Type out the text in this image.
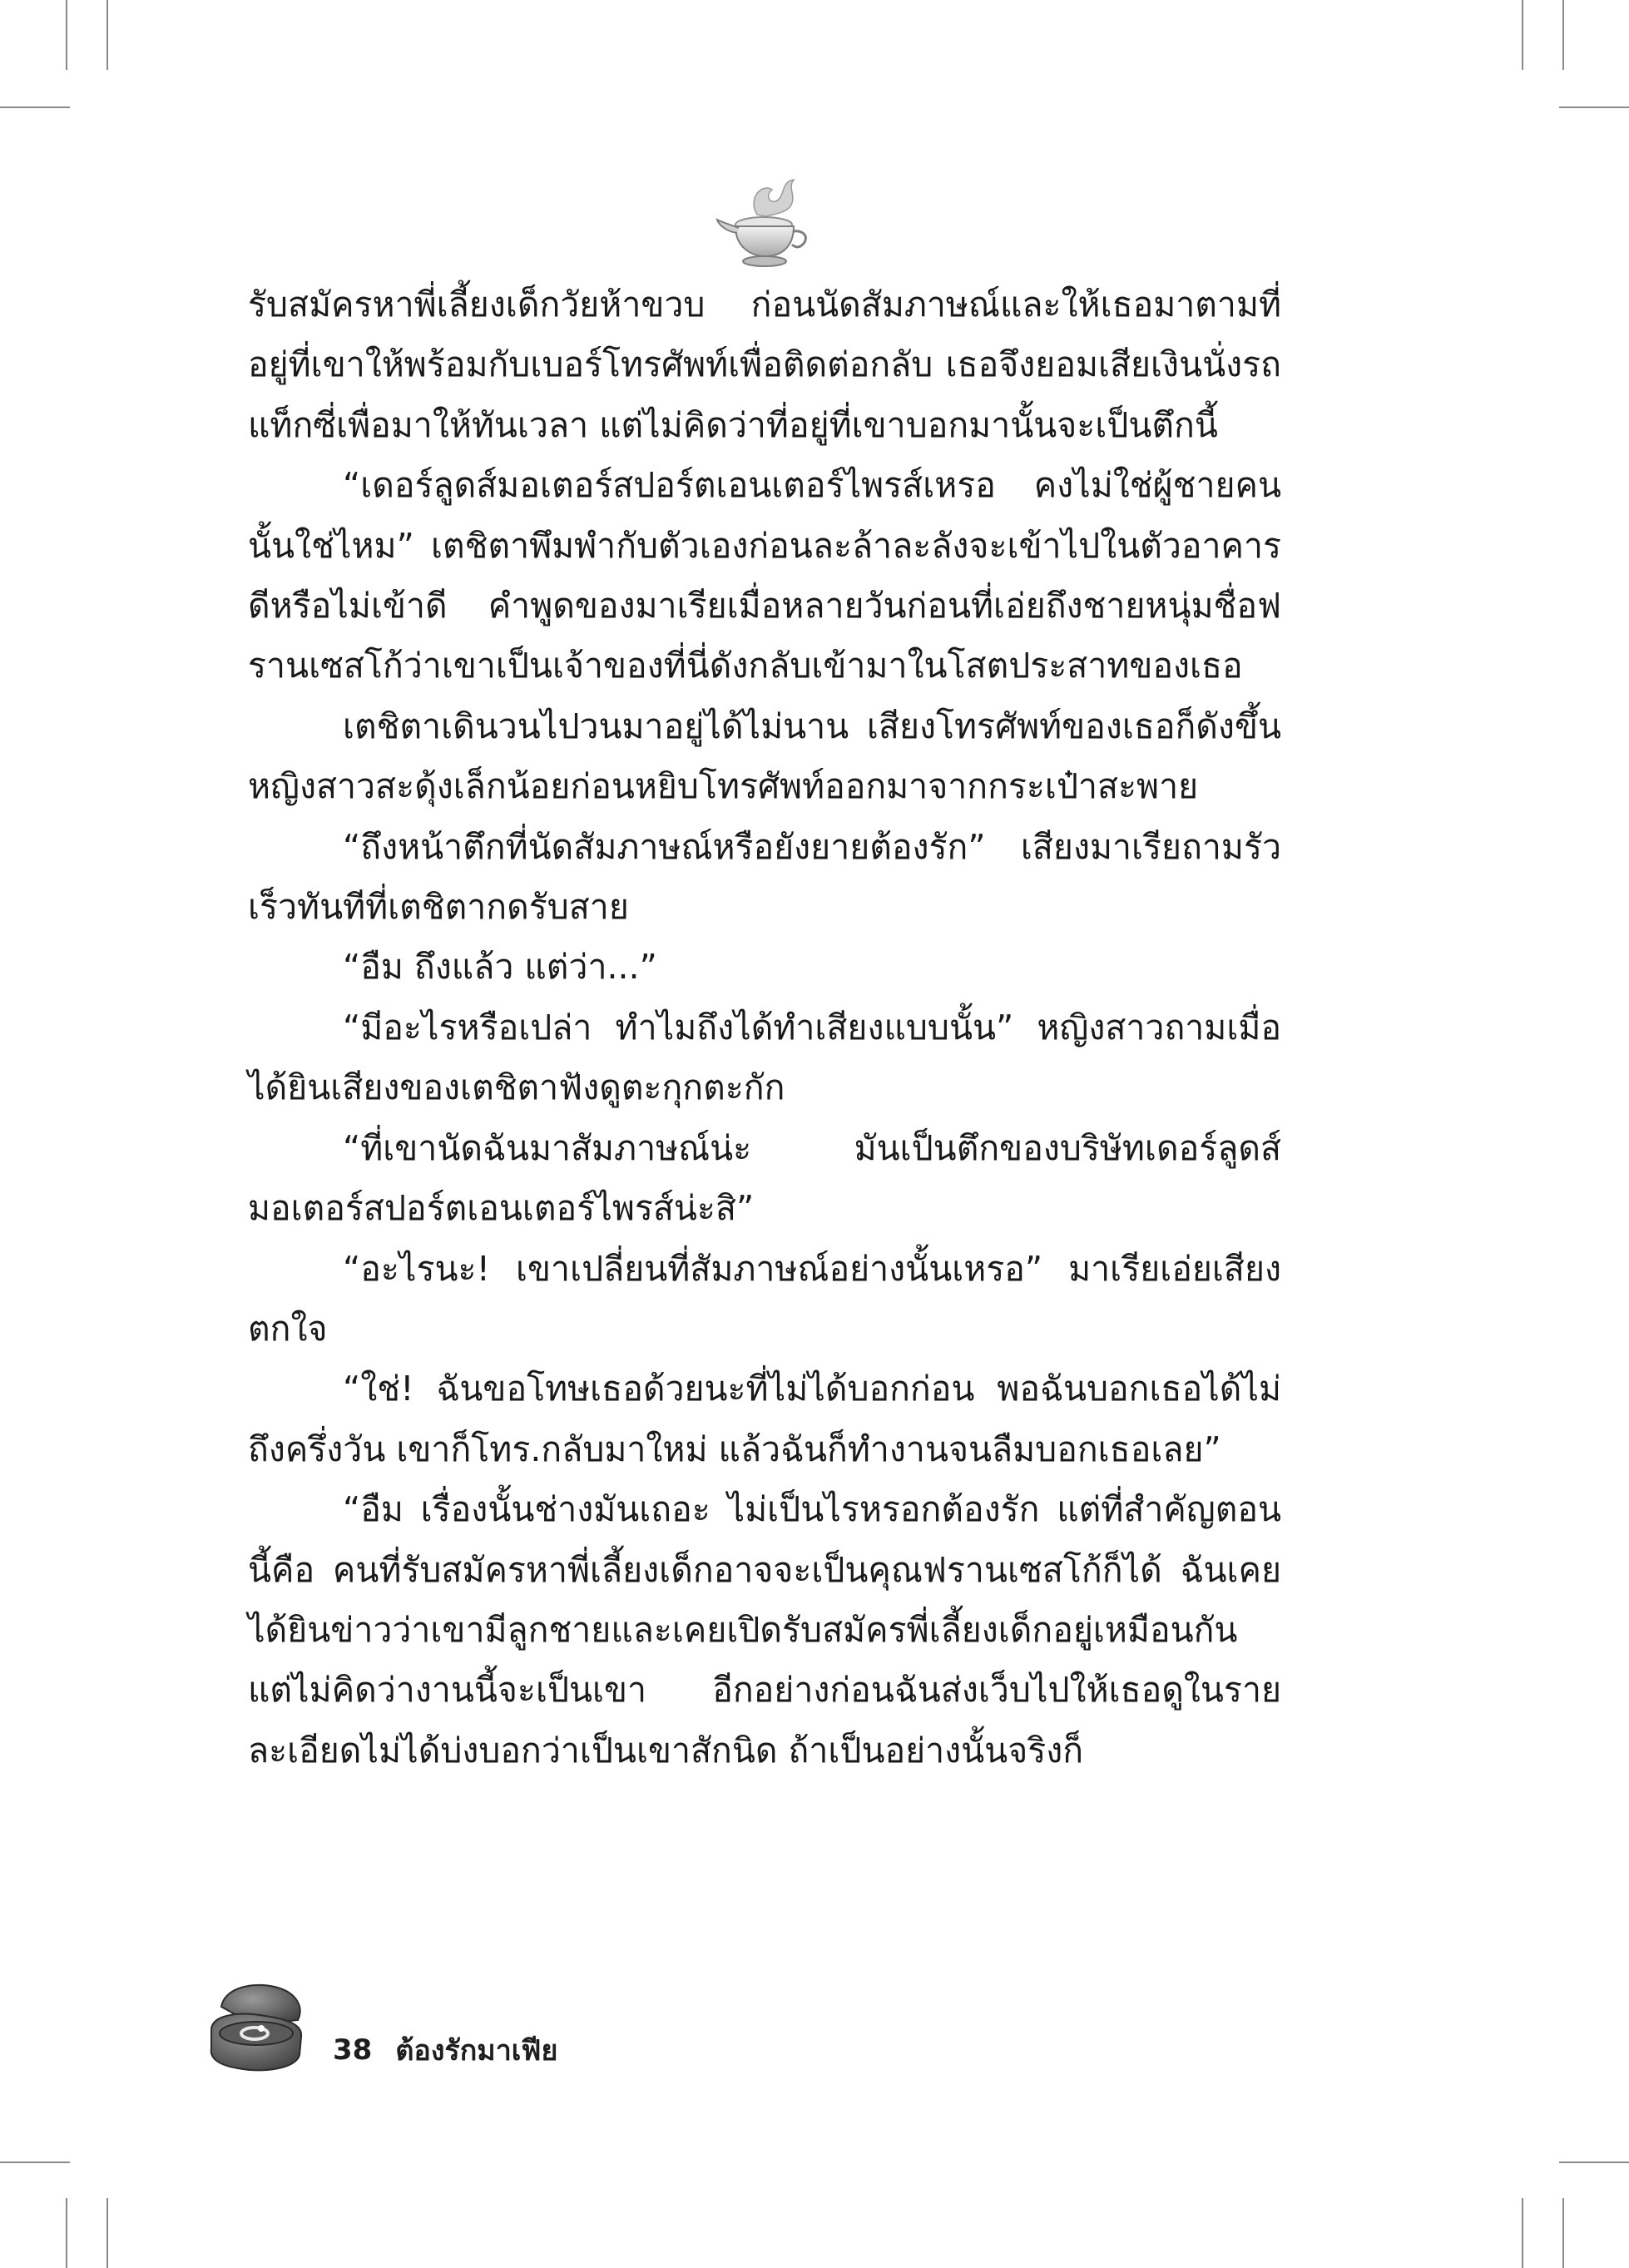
รับสมัครหาพี่เลี้ยงเด็กวัยห้าขวบ ก่อนนัดสัมภาษณ์และให้เธอมาตามที่อยู่ที่เขาให้พร้อมกับเบอร์โทรศัพท์เพื่อติดต่อกลับ เธอจึงยอมเสียเงินนั่งรถแท็กซี่เพื่อมาให้ทันเวลา แต่ไม่คิดว่าที่อยู่ที่เขาบอกมานั้นจะเป็นตึกนี้

“เดอร์ลูดส์มอเตอร์สปอร์ตเอนเตอร์ไพรส์เหรอ คงไม่ใช่ผู้ชายคนนั้นใช่ไหม” เตชิตาพึมพำกับตัวเองก่อนละล้าละลังจะเข้าไปในตัวอาคารดีหรือไม่เข้าดี คำพูดของมาเรียเมื่อหลายวันก่อนที่เอ่ยถึงชายหนุ่มชื่อฟรานเซสโก้ว่าเขาเป็นเจ้าของที่นี่ดังกลับเข้ามาในโสตประสาทของเธอ

เตชิตาเดินวนไปวนมาอยู่ได้ไม่นาน เสียงโทรศัพท์ของเธอก็ดังขึ้น หญิงสาวสะดุ้งเล็กน้อยก่อนหยิบโทรศัพท์ออกมาจากกระเป๋าสะพาย

“ถึงหน้าตึกที่นัดสัมภาษณ์หรือยังยายต้องรัก” เสียงมาเรียถามรัวเร็วทันทีที่เตชิตากดรับสาย

“อืม ถึงแล้ว แต่ว่า...”

“มีอะไรหรือเปล่า ทำไมถึงได้ทำเสียงแบบนั้น” หญิงสาวถามเมื่อได้ยินเสียงของเตชิตาฟังดูตะกุกตะกัก

“ที่เขานัดฉันมาสัมภาษณ์น่ะ มันเป็นตึกของบริษัทเดอร์ลูดส์มอเตอร์สปอร์ตเอนเตอร์ไพรส์น่ะสิ”

“อะไรนะ! เขาเปลี่ยนที่สัมภาษณ์อย่างนั้นเหรอ” มาเรียเอ่ยเสียงตกใจ

“ใช่! ฉันขอโทษเธอด้วยนะที่ไม่ได้บอกก่อน พอฉันบอกเธอได้ไม่ถึงครึ่งวัน เขาก็โทร.กลับมาใหม่ แล้วฉันก็ทำงานจนลืมบอกเธอเลย”

“อืม เรื่องนั้นช่างมันเถอะ ไม่เป็นไรหรอกต้องรัก แต่ที่สำคัญตอนนี้คือ คนที่รับสมัครหาพี่เลี้ยงเด็กอาจจะเป็นคุณฟรานเซสโก้ก็ได้ ฉันเคยได้ยินข่าวว่าเขามีลูกชายและเคยเปิดรับสมัครพี่เลี้ยงเด็กอยู่เหมือนกัน แต่ไม่คิดว่างานนี้จะเป็นเขา อีกอย่างก่อนฉันส่งเว็บไปให้เธอดูในรายละเอียดไม่ได้บ่งบอกว่าเป็นเขาสักนิด ถ้าเป็นอย่างนั้นจริงก็

38 ต้องรักมาเฟีย
